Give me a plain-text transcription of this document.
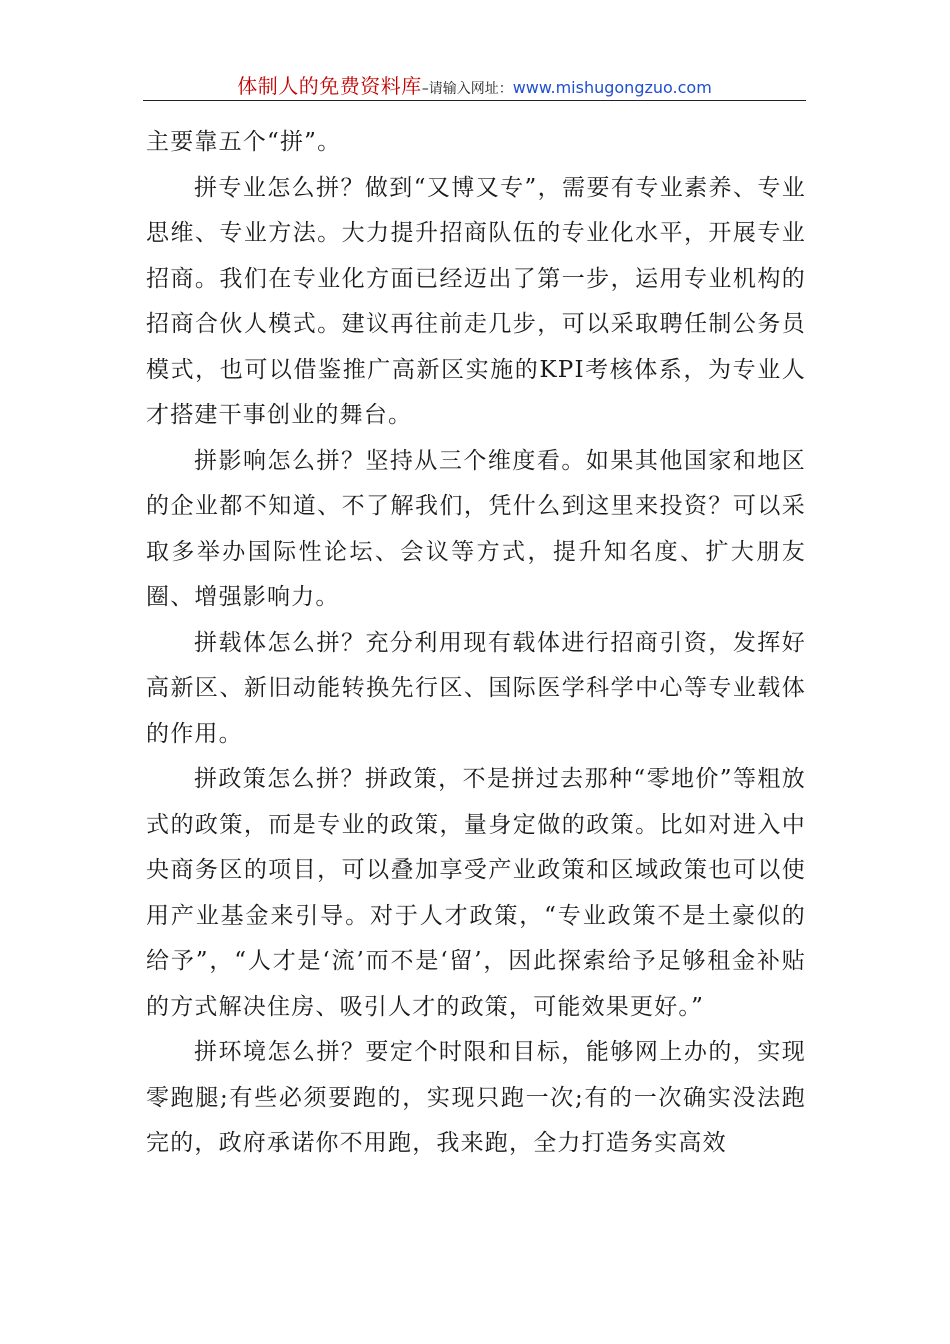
体制人的免费资料库–请输入网址：www.mishugongzuo.com

主要靠五个“拼”。

拼专业怎么拼？做到“又博又专”，需要有专业素养、专业思维、专业方法。大力提升招商队伍的专业化水平，开展专业招商。我们在专业化方面已经迈出了第一步，运用专业机构的招商合伙人模式。建议再往前走几步，可以采取聘任制公务员模式，也可以借鉴推广高新区实施的KPI考核体系，为专业人才搭建干事创业的舞台。

拼影响怎么拼？坚持从三个维度看。如果其他国家和地区的企业都不知道、不了解我们，凭什么到这里来投资？可以采取多举办国际性论坛、会议等方式，提升知名度、扩大朋友圈、增强影响力。

拼载体怎么拼？充分利用现有载体进行招商引资，发挥好高新区、新旧动能转换先行区、国际医学科学中心等专业载体的作用。

拼政策怎么拼？拼政策，不是拼过去那种“零地价”等粗放式的政策，而是专业的政策，量身定做的政策。比如对进入中央商务区的项目，可以叠加享受产业政策和区域政策也可以使用产业基金来引导。对于人才政策，“专业政策不是土豪似的给予”，“人才是‘流’而不是‘留’，因此探索给予足够租金补贴的方式解决住房、吸引人才的政策，可能效果更好。”

拼环境怎么拼？要定个时限和目标，能够网上办的，实现零跑腿;有些必须要跑的，实现只跑一次;有的一次确实没法跑完的，政府承诺你不用跑，我来跑，全力打造务实高效
